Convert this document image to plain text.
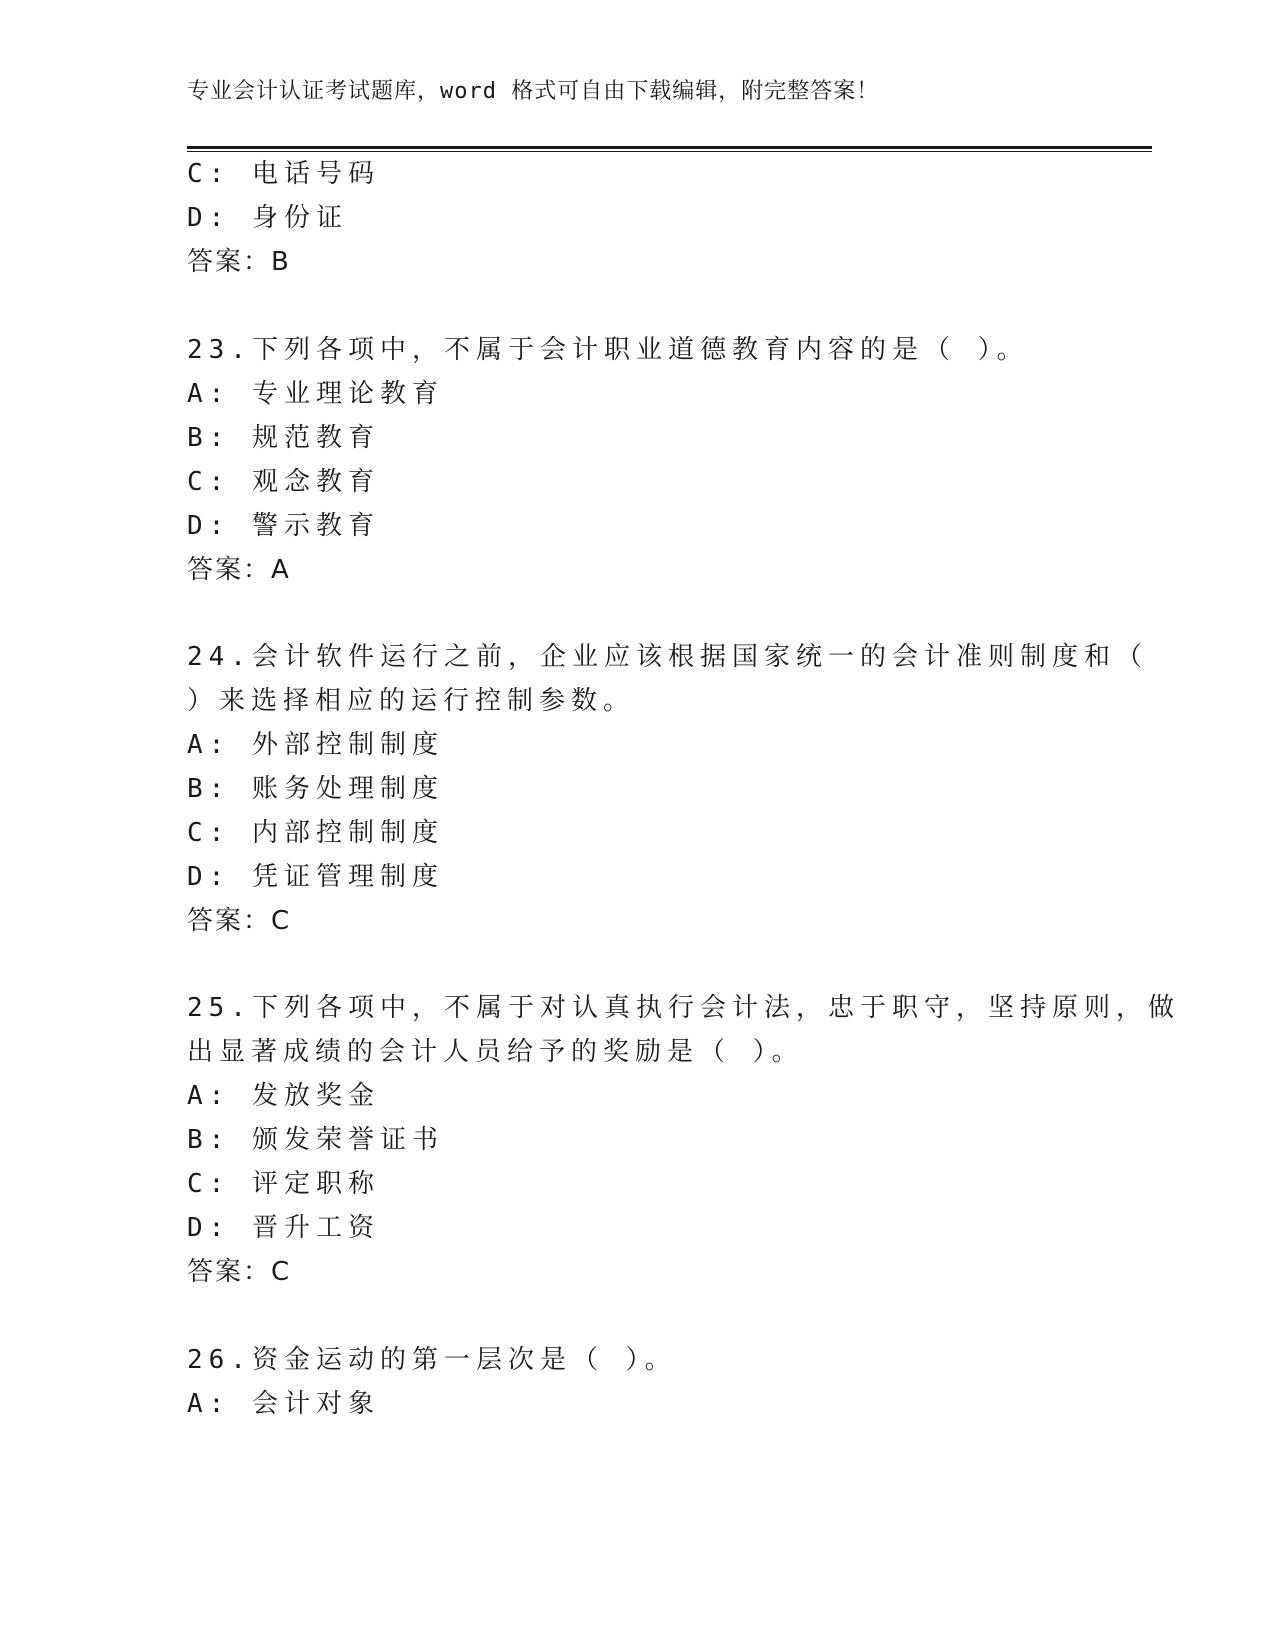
专业会计认证考试题库，word 格式可自由下载编辑，附完整答案！
C: 电话号码
D: 身份证
答案：B
23.下列各项中，不属于会计职业道德教育内容的是（ ）。
A: 专业理论教育
B: 规范教育
C: 观念教育
D: 警示教育
答案：A
24.会计软件运行之前，企业应该根据国家统一的会计准则制度和（
）来选择相应的运行控制参数。
A: 外部控制制度
B: 账务处理制度
C: 内部控制制度
D: 凭证管理制度
答案：C
25.下列各项中，不属于对认真执行会计法，忠于职守，坚持原则，做
出显著成绩的会计人员给予的奖励是（ ）。
A: 发放奖金
B: 颁发荣誉证书
C: 评定职称
D: 晋升工资
答案：C
26.资金运动的第一层次是（ ）。
A: 会计对象
